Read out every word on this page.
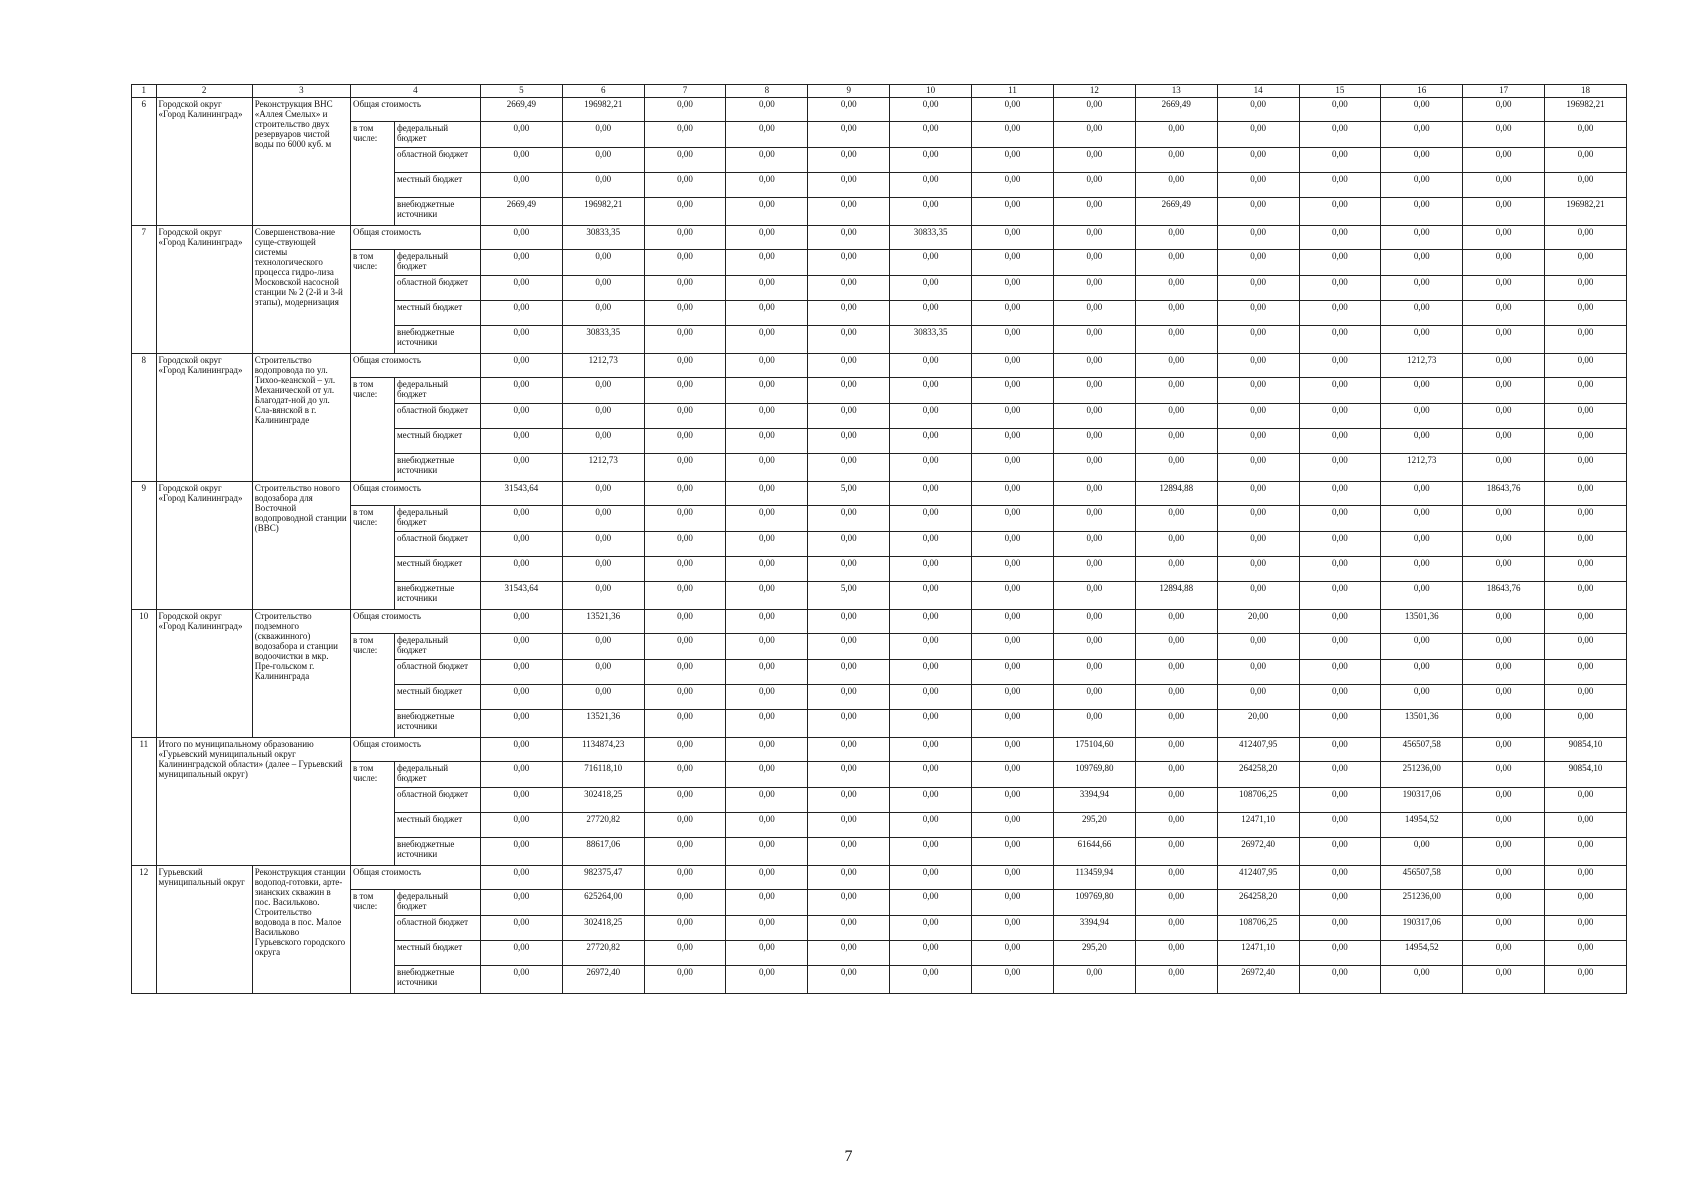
1	2	3	4		5	6	7	8	9	10	11	12	13	14	15	16	17	18
6	Городской округ «Город Калининград»	Реконструкция ВНС «Аллея Смелых» и строительство двух резервуаров чистой воды по 6000 куб. м	Общая стоимость		2669,49	196982,21	0,00	0,00	0,00	0,00	0,00	0,00	2669,49	0,00	0,00	0,00	0,00	196982,21
			в том числе:	федеральный бюджет	0,00	0,00	0,00	0,00	0,00	0,00	0,00	0,00	0,00	0,00	0,00	0,00	0,00	0,00
				областной бюджет	0,00	0,00	0,00	0,00	0,00	0,00	0,00	0,00	0,00	0,00	0,00	0,00	0,00	0,00
				местный бюджет	0,00	0,00	0,00	0,00	0,00	0,00	0,00	0,00	0,00	0,00	0,00	0,00	0,00	0,00
				внебюджетные источники	2669,49	196982,21	0,00	0,00	0,00	0,00	0,00	0,00	2669,49	0,00	0,00	0,00	0,00	196982,21
7	Городской округ «Город Калининград»	Совершенствова-ние суще-ствующей системы технологического процесса гидро-лиза Московской насосной станции № 2 (2-й и 3-й этапы), модернизация	Общая стоимость		0,00	30833,35	0,00	0,00	0,00	30833,35	0,00	0,00	0,00	0,00	0,00	0,00	0,00	0,00
			в том числе:	федеральный бюджет	0,00	0,00	0,00	0,00	0,00	0,00	0,00	0,00	0,00	0,00	0,00	0,00	0,00	0,00
				областной бюджет	0,00	0,00	0,00	0,00	0,00	0,00	0,00	0,00	0,00	0,00	0,00	0,00	0,00	0,00
				местный бюджет	0,00	0,00	0,00	0,00	0,00	0,00	0,00	0,00	0,00	0,00	0,00	0,00	0,00	0,00
				внебюджетные источники	0,00	30833,35	0,00	0,00	0,00	30833,35	0,00	0,00	0,00	0,00	0,00	0,00	0,00	0,00
8	Городской округ «Город Калининград»	Строительство водопровода по ул. Тихоо-кеанской – ул. Механической от ул. Благодат-ной до ул. Сла-вянской в г. Калининграде	Общая стоимость		0,00	1212,73	0,00	0,00	0,00	0,00	0,00	0,00	0,00	0,00	0,00	1212,73	0,00	0,00
			в том числе:	федеральный бюджет	0,00	0,00	0,00	0,00	0,00	0,00	0,00	0,00	0,00	0,00	0,00	0,00	0,00	0,00
				областной бюджет	0,00	0,00	0,00	0,00	0,00	0,00	0,00	0,00	0,00	0,00	0,00	0,00	0,00	0,00
				местный бюджет	0,00	0,00	0,00	0,00	0,00	0,00	0,00	0,00	0,00	0,00	0,00	0,00	0,00	0,00
				внебюджетные источники	0,00	1212,73	0,00	0,00	0,00	0,00	0,00	0,00	0,00	0,00	0,00	1212,73	0,00	0,00
9	Городской округ «Город Калининград»	Строительство нового водозабора для Восточной водопроводной станции (ВВС)	Общая стоимость		31543,64	0,00	0,00	0,00	5,00	0,00	0,00	0,00	12894,88	0,00	0,00	0,00	18643,76	0,00
			в том числе:	федеральный бюджет	0,00	0,00	0,00	0,00	0,00	0,00	0,00	0,00	0,00	0,00	0,00	0,00	0,00	0,00
				областной бюджет	0,00	0,00	0,00	0,00	0,00	0,00	0,00	0,00	0,00	0,00	0,00	0,00	0,00	0,00
				местный бюджет	0,00	0,00	0,00	0,00	0,00	0,00	0,00	0,00	0,00	0,00	0,00	0,00	0,00	0,00
				внебюджетные источники	31543,64	0,00	0,00	0,00	5,00	0,00	0,00	0,00	12894,88	0,00	0,00	0,00	18643,76	0,00
10	Городской округ «Город Калининград»	Строительство подземного (скважинного) водозабора и станции водоочистки в мкр. Пре-гольском г. Калининграда	Общая стоимость		0,00	13521,36	0,00	0,00	0,00	0,00	0,00	0,00	0,00	20,00	0,00	13501,36	0,00	0,00
			в том числе:	федеральный бюджет	0,00	0,00	0,00	0,00	0,00	0,00	0,00	0,00	0,00	0,00	0,00	0,00	0,00	0,00
				областной бюджет	0,00	0,00	0,00	0,00	0,00	0,00	0,00	0,00	0,00	0,00	0,00	0,00	0,00	0,00
				местный бюджет	0,00	0,00	0,00	0,00	0,00	0,00	0,00	0,00	0,00	0,00	0,00	0,00	0,00	0,00
				внебюджетные источники	0,00	13521,36	0,00	0,00	0,00	0,00	0,00	0,00	0,00	20,00	0,00	13501,36	0,00	0,00
11	Итого по муниципальному образованию «Гурьевский муниципальный округ Калининградской области» (далее – Гурьевский муниципальный округ)		Общая стоимость		0,00	1134874,23	0,00	0,00	0,00	0,00	0,00	175104,60	0,00	412407,95	0,00	456507,58	0,00	90854,10
			в том числе:	федеральный бюджет	0,00	716118,10	0,00	0,00	0,00	0,00	0,00	109769,80	0,00	264258,20	0,00	251236,00	0,00	90854,10
				областной бюджет	0,00	302418,25	0,00	0,00	0,00	0,00	0,00	3394,94	0,00	108706,25	0,00	190317,06	0,00	0,00
				местный бюджет	0,00	27720,82	0,00	0,00	0,00	0,00	0,00	295,20	0,00	12471,10	0,00	14954,52	0,00	0,00
				внебюджетные источники	0,00	88617,06	0,00	0,00	0,00	0,00	0,00	61644,66	0,00	26972,40	0,00	0,00	0,00	0,00
12	Гурьевский муниципальный округ	Реконструкция станции водопод-готовки, арте-зианских скважин в пос. Васильково. Строительство водовода в пос. Малое Васильково Гурьевского городского округа	Общая стоимость		0,00	982375,47	0,00	0,00	0,00	0,00	0,00	113459,94	0,00	412407,95	0,00	456507,58	0,00	0,00
			в том числе:	федеральный бюджет	0,00	625264,00	0,00	0,00	0,00	0,00	0,00	109769,80	0,00	264258,20	0,00	251236,00	0,00	0,00
				областной бюджет	0,00	302418,25	0,00	0,00	0,00	0,00	0,00	3394,94	0,00	108706,25	0,00	190317,06	0,00	0,00
				местный бюджет	0,00	27720,82	0,00	0,00	0,00	0,00	0,00	295,20	0,00	12471,10	0,00	14954,52	0,00	0,00
				внебюджетные источники	0,00	26972,40	0,00	0,00	0,00	0,00	0,00	0,00	0,00	26972,40	0,00	0,00	0,00	0,00
7
